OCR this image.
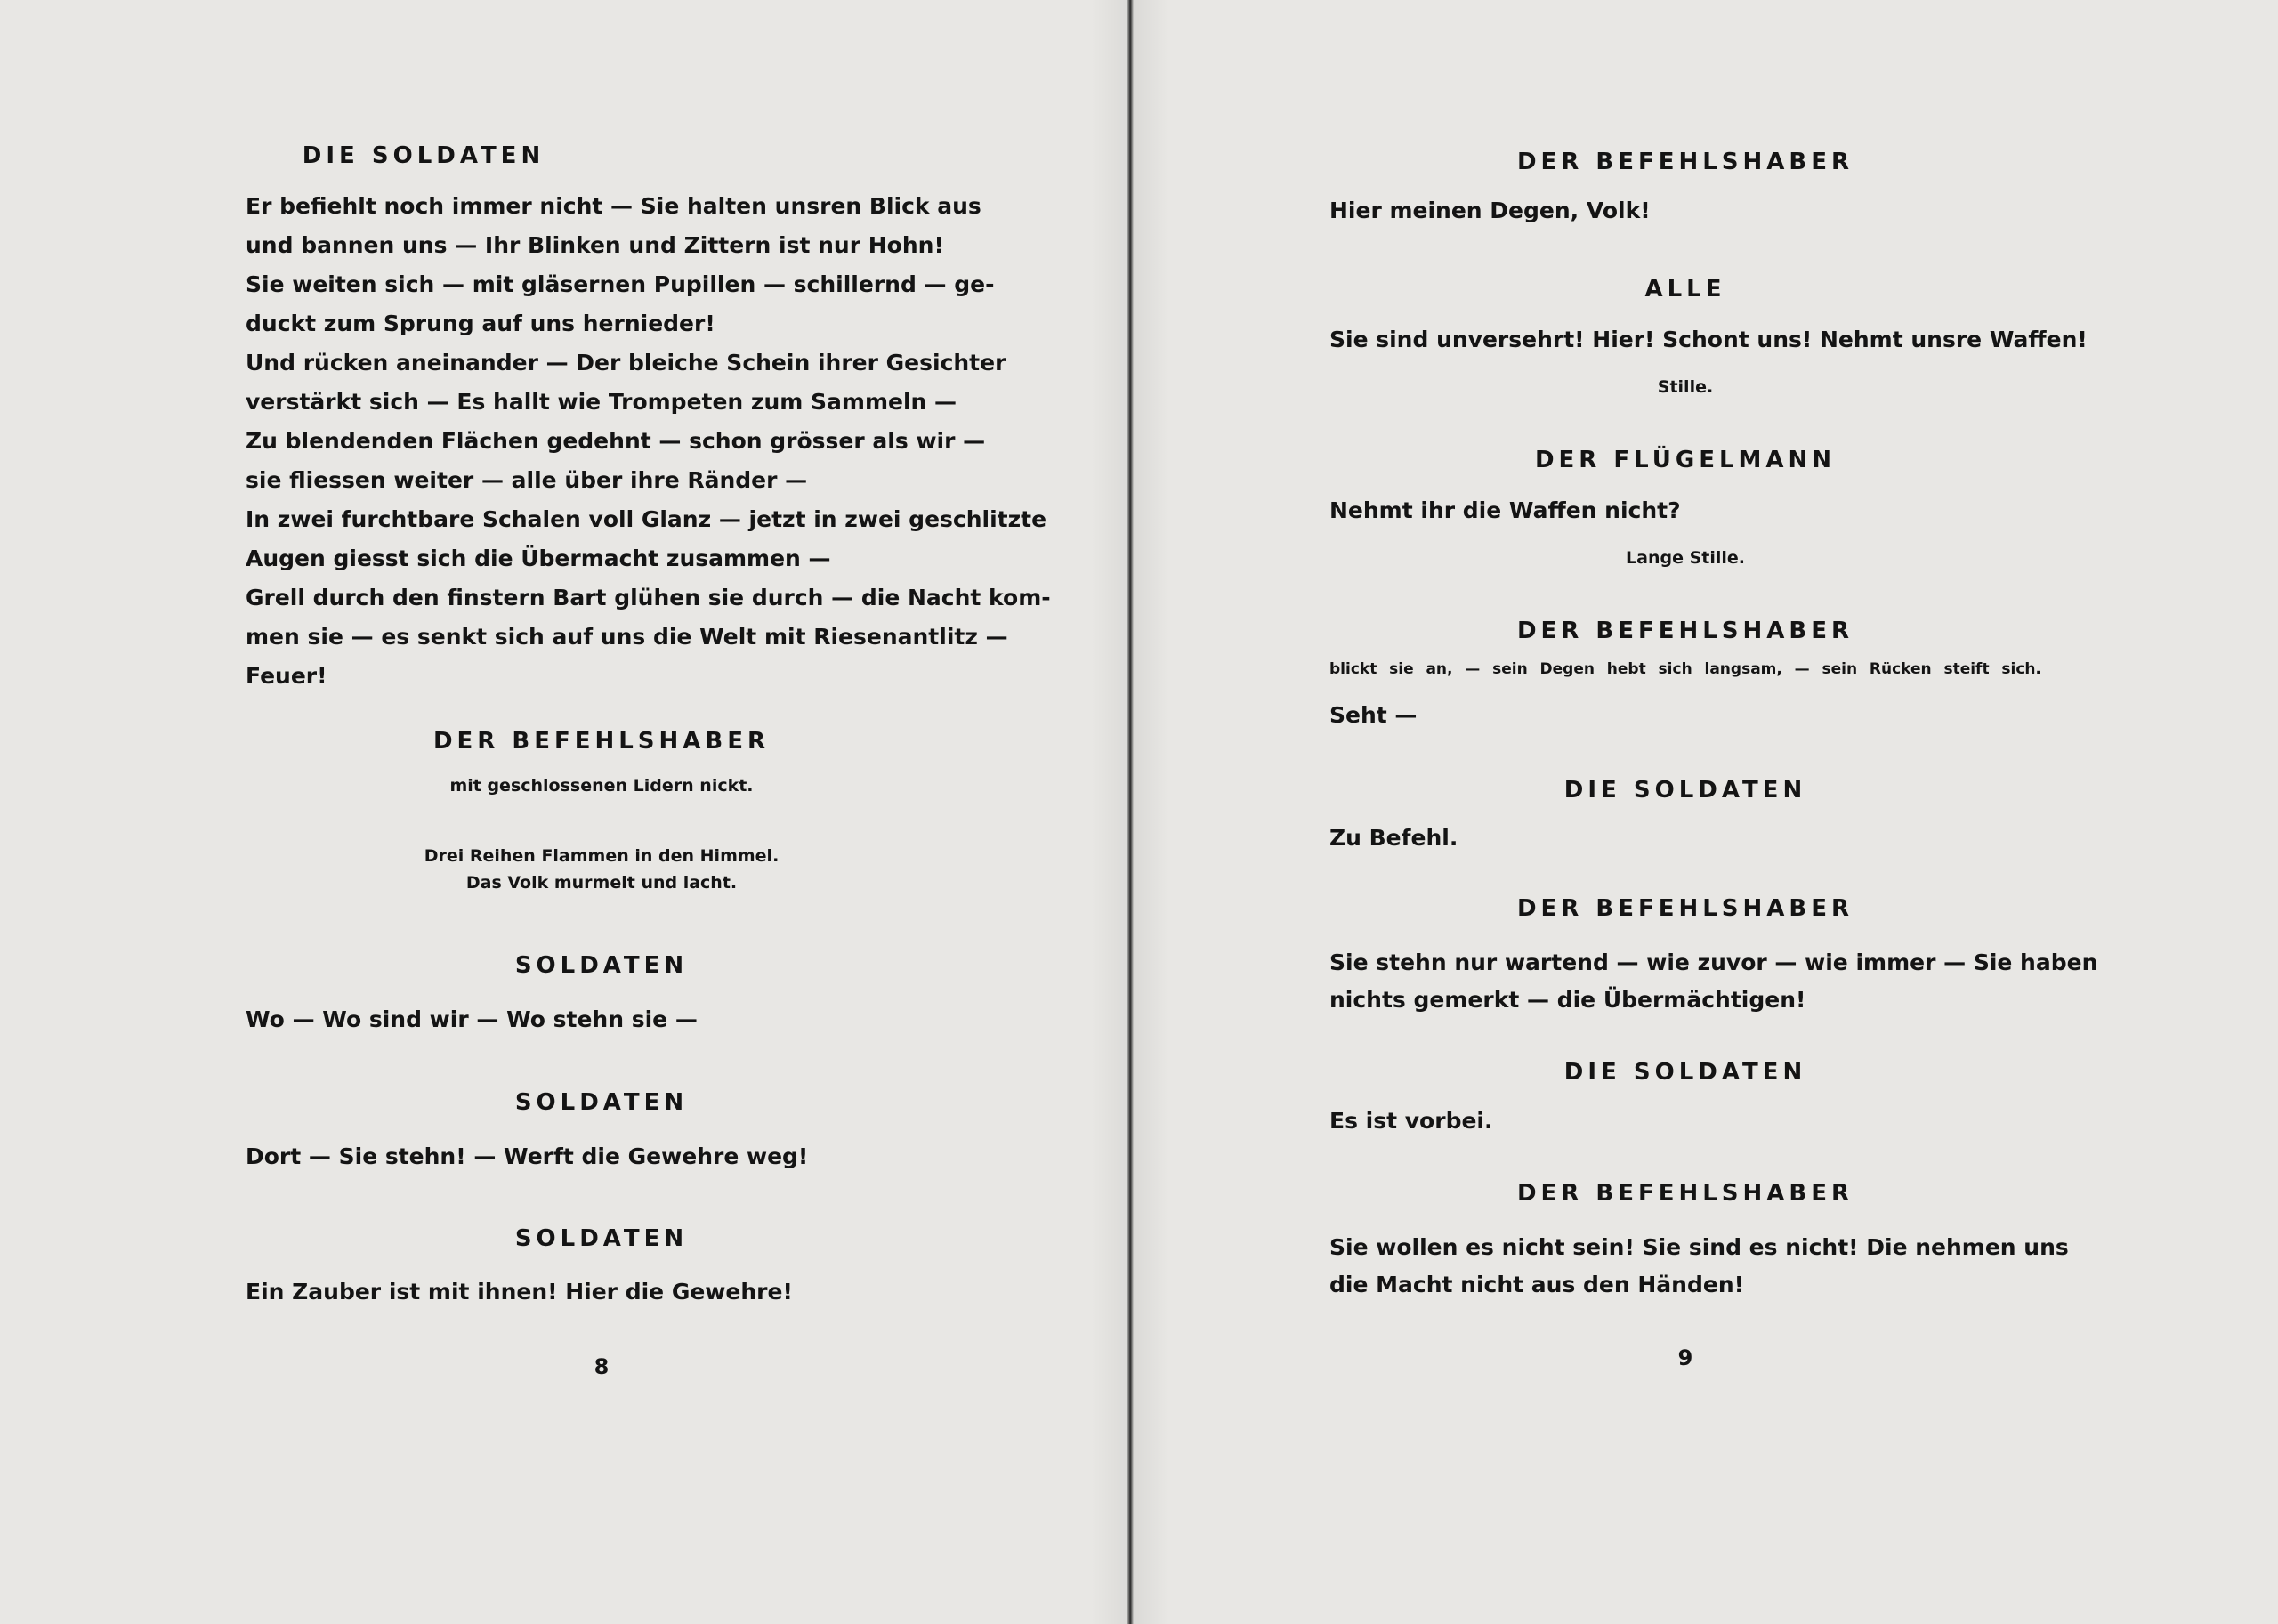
DIE SOLDATEN
Er befiehlt noch immer nicht — Sie halten unsren Blick aus
und bannen uns — Ihr Blinken und Zittern ist nur Hohn!
Sie weiten sich — mit gläsernen Pupillen — schillernd — ge-
duckt zum Sprung auf uns hernieder!
Und rücken aneinander — Der bleiche Schein ihrer Gesichter
verstärkt sich — Es hallt wie Trompeten zum Sammeln —
Zu blendenden Flächen gedehnt — schon grösser als wir —
sie fliessen weiter — alle über ihre Ränder —
In zwei furchtbare Schalen voll Glanz — jetzt in zwei geschlitzte
Augen giesst sich die Übermacht zusammen —
Grell durch den finstern Bart glühen sie durch — die Nacht kom-
men sie — es senkt sich auf uns die Welt mit Riesenantlitz —
Feuer!
DER BEFEHLSHABER
mit geschlossenen Lidern nickt.
Drei Reihen Flammen in den Himmel.
Das Volk murmelt und lacht.
SOLDATEN
Wo — Wo sind wir — Wo stehn sie —
SOLDATEN
Dort — Sie stehn! — Werft die Gewehre weg!
SOLDATEN
Ein Zauber ist mit ihnen! Hier die Gewehre!
8
DER BEFEHLSHABER
Hier meinen Degen, Volk!
ALLE
Sie sind unversehrt! Hier! Schont uns! Nehmt unsre Waffen!
Stille.
DER FLÜGELMANN
Nehmt ihr die Waffen nicht?
Lange Stille.
DER BEFEHLSHABER
blickt sie an, — sein Degen hebt sich langsam, — sein Rücken steift sich.
Seht —
DIE SOLDATEN
Zu Befehl.
DER BEFEHLSHABER
Sie stehn nur wartend — wie zuvor — wie immer — Sie haben
nichts gemerkt — die Übermächtigen!
DIE SOLDATEN
Es ist vorbei.
DER BEFEHLSHABER
Sie wollen es nicht sein! Sie sind es nicht! Die nehmen uns
die Macht nicht aus den Händen!
9
